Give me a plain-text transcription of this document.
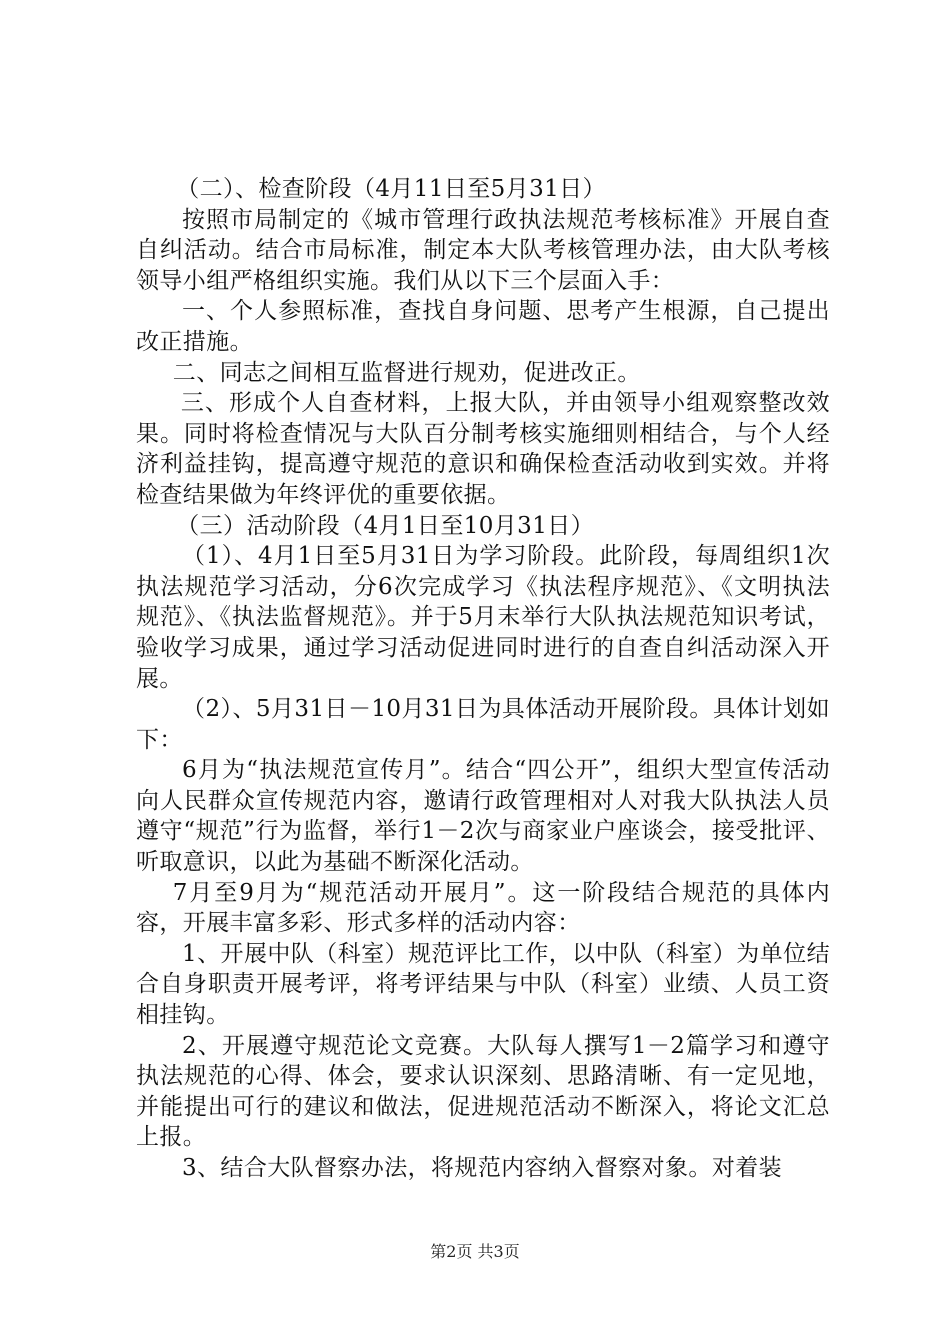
（二）、检查阶段（4月11日至5月31日）

按照市局制定的《城市管理行政执法规范考核标准》开展自查自纠活动。结合市局标准，制定本大队考核管理办法，由大队考核领导小组严格组织实施。我们从以下三个层面入手：

一、个人参照标准，查找自身问题、思考产生根源，自己提出改正措施。

二、同志之间相互监督进行规劝，促进改正。

三、形成个人自查材料，上报大队，并由领导小组观察整改效果。同时将检查情况与大队百分制考核实施细则相结合，与个人经济利益挂钩，提高遵守规范的意识和确保检查活动收到实效。并将检查结果做为年终评优的重要依据。

（三）活动阶段（4月1日至10月31日）

（1）、4月1日至5月31日为学习阶段。此阶段，每周组织1次执法规范学习活动，分6次完成学习《执法程序规范》、《文明执法规范》、《执法监督规范》。并于5月末举行大队执法规范知识考试，验收学习成果，通过学习活动促进同时进行的自查自纠活动深入开展。

（2）、5月31日－10月31日为具体活动开展阶段。具体计划如下：

6月为“执法规范宣传月”。结合“四公开”，组织大型宣传活动向人民群众宣传规范内容，邀请行政管理相对人对我大队执法人员遵守“规范”行为监督，举行1－2次与商家业户座谈会，接受批评、听取意识，以此为基础不断深化活动。

7月至9月为“规范活动开展月”。这一阶段结合规范的具体内容，开展丰富多彩、形式多样的活动内容：

1、开展中队（科室）规范评比工作，以中队（科室）为单位结合自身职责开展考评，将考评结果与中队（科室）业绩、人员工资相挂钩。

2、开展遵守规范论文竞赛。大队每人撰写1－2篇学习和遵守执法规范的心得、体会，要求认识深刻、思路清晰、有一定见地，并能提出可行的建议和做法，促进规范活动不断深入，将论文汇总上报。

3、结合大队督察办法，将规范内容纳入督察对象。对着装

第2页 共3页
